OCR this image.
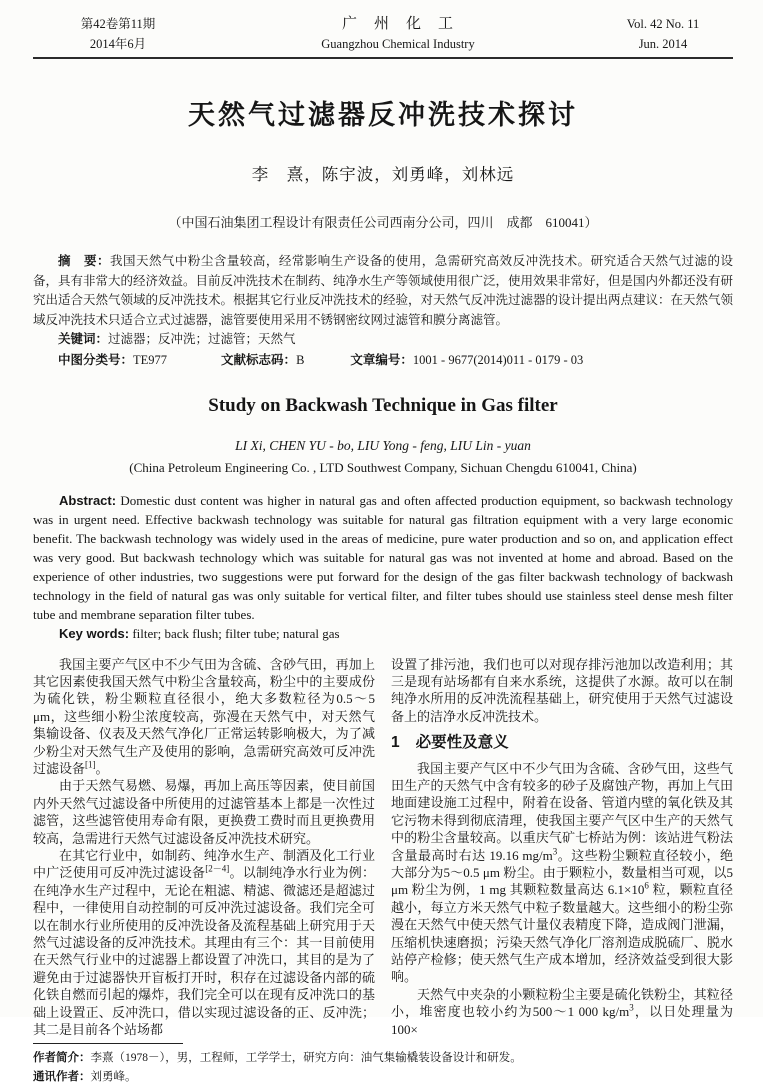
第42卷第11期
2014年6月
广　州　化　工
Guangzhou Chemical Industry
Vol. 42 No. 11
Jun. 2014
天然气过滤器反冲洗技术探讨
李　熹，陈宇波，刘勇峰，刘林远
（中国石油集团工程设计有限责任公司西南分公司，四川　成都　610041）

摘　要：我国天然气中粉尘含量较高，经常影响生产设备的使用，急需研究高效反冲洗技术。研究适合天然气过滤的设备，具有非常大的经济效益。目前反冲洗技术在制药、纯净水生产等领域使用很广泛，使用效果非常好，但是国内外都还没有研究出适合天然气领域的反冲洗技术。根据其它行业反冲洗技术的经验，对天然气反冲洗过滤器的设计提出两点建议：在天然气领域反冲洗技术只适合立式过滤器，滤管要使用采用不锈钢密纹网过滤管和膜分离滤管。

关键词：过滤器；反冲洗；过滤管；天然气

中图分类号：TE977	文献标志码：B	文章编号：1001 - 9677(2014)011 - 0179 - 03

Study on Backwash Technique in Gas filter
LI Xi, CHEN YU - bo, LIU Yong - feng, LIU Lin - yuan
(China Petroleum Engineering Co. , LTD Southwest Company, Sichuan Chengdu 610041, China)

Abstract: Domestic dust content was higher in natural gas and often affected production equipment, so backwash technology was in urgent need. Effective backwash technology was suitable for natural gas filtration equipment with a very large economic benefit. The backwash technology was widely used in the areas of medicine, pure water production and so on, and application effect was very good. But backwash technology which was suitable for natural gas was not invented at home and abroad. Based on the experience of other industries, two suggestions were put forward for the design of the gas filter backwash technology of backwash technology in the field of natural gas was only suitable for vertical filter, and filter tubes should use stainless steel dense mesh filter tube and membrane separation filter tubes.

Key words: filter; back flush; filter tube; natural gas

我国主要产气区中不少气田为含硫、含砂气田，再加上其它因素使我国天然气中粉尘含量较高，粉尘中的主要成份为硫化铁，粉尘颗粒直径很小，绝大多数粒径为0.5～5 μm，这些细小粉尘浓度较高，弥漫在天然气中，对天然气集输设备、仪表及天然气净化厂正常运转影响极大，为了减少粉尘对天然气生产及使用的影响，急需研究高效可反冲洗过滤设备[1]。

由于天然气易燃、易爆，再加上高压等因素，使目前国内外天然气过滤设备中所使用的过滤管基本上都是一次性过滤管，这些滤管使用寿命有限，更换费工费时而且更换费用较高，急需进行天然气过滤设备反冲洗技术研究。

在其它行业中，如制药、纯净水生产、制酒及化工行业中广泛使用可反冲洗过滤设备[2－4]。以制纯净水行业为例：在纯净水生产过程中，无论在粗滤、精滤、微滤还是超滤过程中，一律使用自动控制的可反冲洗过滤设备。我们完全可以在制水行业所使用的反冲洗设备及流程基础上研究用于天然气过滤设备的反冲洗技术。其理由有三个：其一目前使用在天然气行业中的过滤器上都设置了冲洗口，其目的是为了避免由于过滤器快开盲板打开时，积存在过滤设备内部的硫化铁自燃而引起的爆炸，我们完全可以在现有反冲洗口的基础上设置正、反冲洗口，借以实现过滤设备的正、反冲洗；其二是目前各个站场都

设置了排污池，我们也可以对现存排污池加以改造利用；其三是现有站场都有自来水系统，这提供了水源。故可以在制纯净水所用的反冲洗流程基础上，研究使用于天然气过滤设备上的洁净水反冲洗技术。

1 必要性及意义

我国主要产气区中不少气田为含硫、含砂气田，这些气田生产的天然气中含有较多的砂子及腐蚀产物，再加上气田地面建设施工过程中，附着在设备、管道内壁的氧化铁及其它污物未得到彻底清理，使我国主要产气区中生产的天然气中的粉尘含量较高。以重庆气矿七桥站为例：该站进气粉法含量最高时右达 19.16 $mg/m^3$。这些粉尘颗粒直径较小，绝大部分为5～0.5 μm 粉尘。由于颗粒小，数量相当可观，以5 μm 粉尘为例，1 mg 其颗粒数量高达 $6.1\times 10^6$ 粒，颗粒直径越小，每立方米天然气中粒子数量越大。这些细小的粉尘弥漫在天然气中使天然气计量仪表精度下降，造成阀门泄漏，压缩机快速磨损；污染天然气净化厂溶剂造成脱硫厂、脱水站停产检修；使天然气生产成本增加，经济效益受到很大影响。

天然气中夹杂的小颗粒粉尘主要是硫化铁粉尘，其粒径小，堆密度也较小约为500～1 000 $kg/m^3$，以日处理量为100×

作者简介：李熹（1978－），男，工程师，工学学士，研究方向：油气集输橇装设备设计和研发。
通讯作者：刘勇峰。
